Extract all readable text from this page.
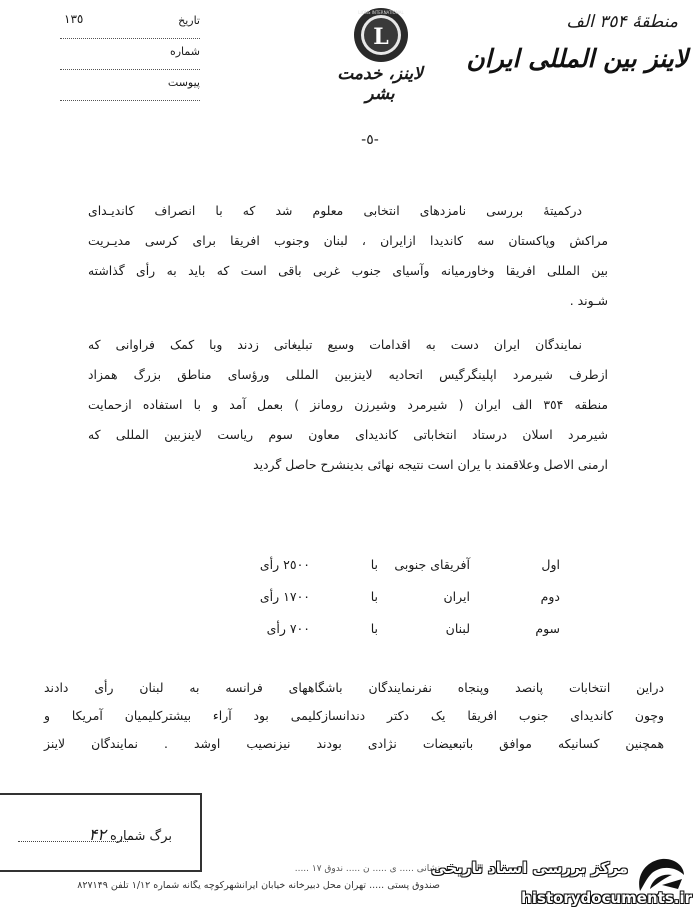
منطقۀ ٣٥۴ الف
لاینز بین المللی ایران
L
LIONS INTERNATIONAL
لاینز، خدمت بشر
تاریخ
١٣٥
شماره
پیوست
-٥-
درکمیتهٔ بررسی نامزدهای انتخابی معلوم شد که با انصراف کاندیـدای
مراکش وپاکستان سه کاندیدا ازایران ، لبنان وجنوب افریقا برای کرسی مدیـریت
بین المللی افریقا وخاورمیانه وآسیای جنوب غربی باقی است که باید به رأی گذاشته
شـوند .
نمایندگان ایران دست به اقدامات وسیع تبلیغاتی زدند وبا کمک فراوانی که
ازطرف شیرمرد اپلینگرگیس اتحادیه لاینزبین المللی ورؤسای مناطق بزرگ همزاد
منطقه ٣٥۴ الف ایران ( شیرمرد وشیرزن رومانز ) بعمل آمد و با استفاده ازحمایت
شیرمرد اسلان درستاد انتخاباتی کاندیدای معاون سوم ریاست لاینزبین المللی که
ارمنی الاصل وعلاقمند با یران است نتیجه نهائی بدینشرح حاصل گردید
اول
آفریقای جنوبی
با
٢٥٠٠ رأی
دوم
ایران
با
١٧٠٠ رأی
سوم
لبنان
با
٧٠٠ رأی
دراین انتخابات پانصد وپنجاه نفرنمایندگان باشگاههای فرانسه به لبنان رأی دادند
وچون کاندیدای جنوب افریقا یک دکتر دندانسازکلیمی بود آراء بیشترکلیمیان آمریکا و
همچنین کسانیکه موافق باتبعیضات نژادی بودند نیزنصیب اوشد . نمایندگان لاینز
برگ شماره ۴۲
نشانی ..... ی ..... ن ..... ندوق ١٧ .....
صندوق پستی ..... تهران محل دبیرخانه خیابان ایرانشهرکوچه یگانه شماره ١/١٢ تلفن ٨٢٧١۴٩
مرکز بررسی اسناد تاریخی
historydocuments.ir
